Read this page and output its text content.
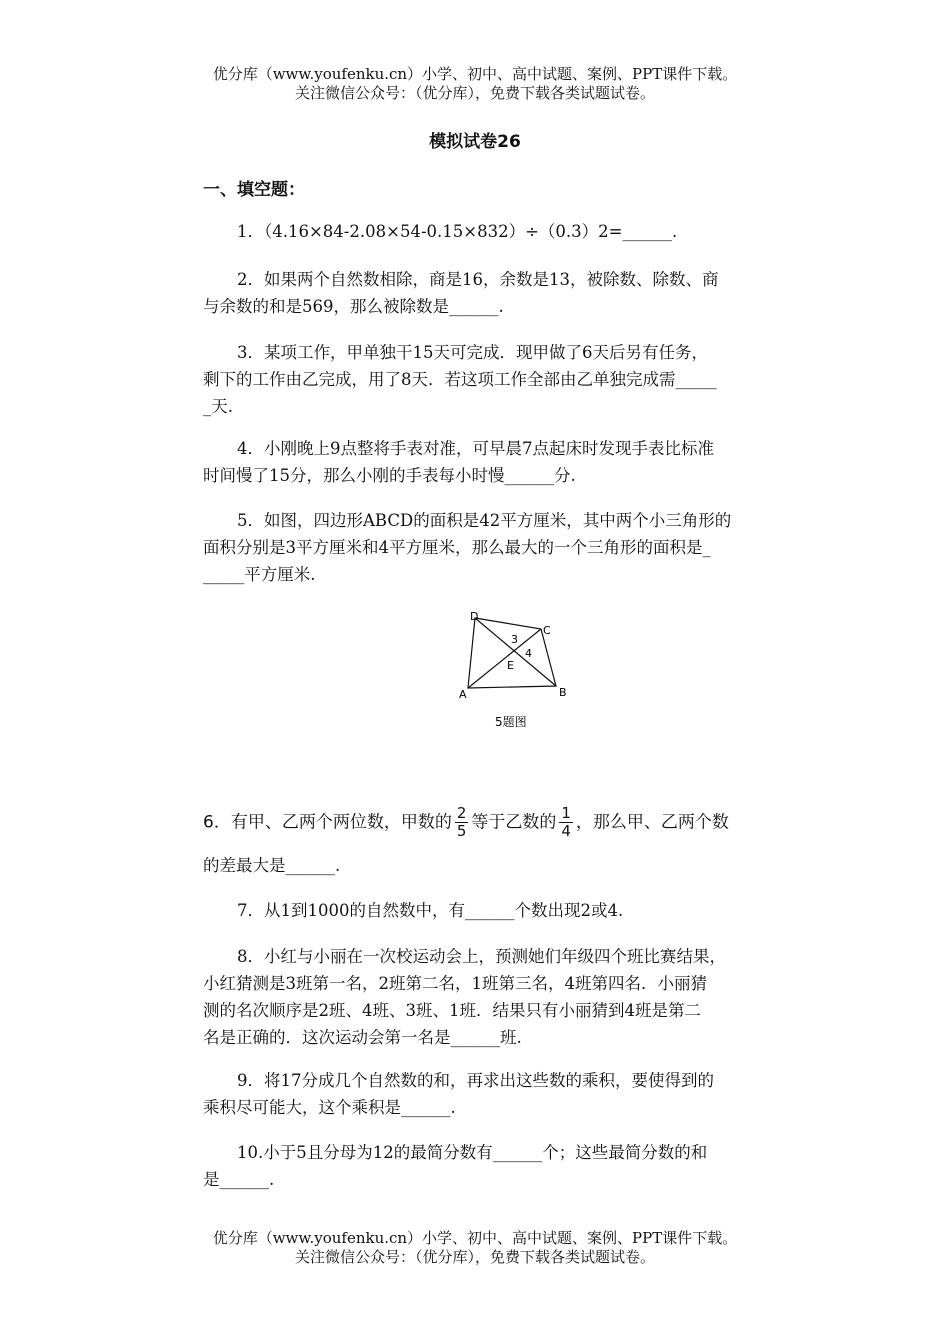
优分库（www.youfenku.cn）小学、初中、高中试题、案例、PPT课件下载。
关注微信公众号：（优分库），免费下载各类试题试卷。
模拟试卷26
一、填空题：

1．（4.16×84-2.08×54-0.15×832）÷（0.3）2=______.

2．如果两个自然数相除，商是16，余数是13，被除数、除数、商

与余数的和是569，那么被除数是______.

3．某项工作，甲单独干15天可完成．现甲做了6天后另有任务，

剩下的工作由乙完成，用了8天．若这项工作全部由乙单独完成需_____

_天.

4．小刚晚上9点整将手表对准，可早晨7点起床时发现手表比标准

时间慢了15分，那么小刚的手表每小时慢______分.

5．如图，四边形ABCD的面积是42平方厘米，其中两个小三角形的

面积分别是3平方厘米和4平方厘米，那么最大的一个三角形的面积是_

_____平方厘米.

D
C
A	B
E
3
4
5题图
6．有甲、乙两个两位数，甲数的 $\frac{2}{5}$ 等于乙数的 $\frac{1}{4}$ ，那么甲、乙两个数
的差最大是______.

7．从1到1000的自然数中，有______个数出现2或4.

8．小红与小丽在一次校运动会上，预测她们年级四个班比赛结果，

小红猜测是3班第一名，2班第二名，1班第三名，4班第四名．小丽猜

测的名次顺序是2班、4班、3班、1班．结果只有小丽猜到4班是第二

名是正确的．这次运动会第一名是______班.

9．将17分成几个自然数的和，再求出这些数的乘积，要使得到的

乘积尽可能大，这个乘积是______.

10.小于5且分母为12的最简分数有______个；这些最简分数的和

是______.

优分库（www.youfenku.cn）小学、初中、高中试题、案例、PPT课件下载。
关注微信公众号：（优分库），免费下载各类试题试卷。
